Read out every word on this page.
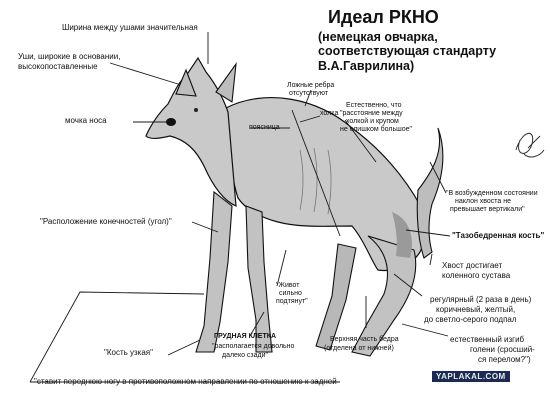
Идеал РКНО
(немецкая овчарка, соответствующая стандарту В.А.Гаврилина)
Ширина между ушами значительная
Уши, широкие в основании,
высокопоставленные
мочка носа
Ложные ребра
отсутствуют
холка
поясница
Естественно, что
"расстояние между
холкой и крупом
не слишком большое"
"Расположение конечностей (угол)"
"В возбужденном состоянии
наклон хвоста не
превышает вертикали"
"Тазобедренная кость"
Хвост достигает
коленного сустава
"Живот
сильно
подтянут"
"Кость узкая"
ГРУДНАЯ КЛЕТКА
"располагается довольно
далеко сзади"
Верхняя часть бедра
(отделена от нижней)
регулярный (2 раза в день)
коричневый, желтый,
до светло-серого подпал
естественный изгиб
голени (сросший-
ся перелом?")
"ставит переднюю ногу в противоположном направлении по отношению к задней
YAPLAKAL.COM
